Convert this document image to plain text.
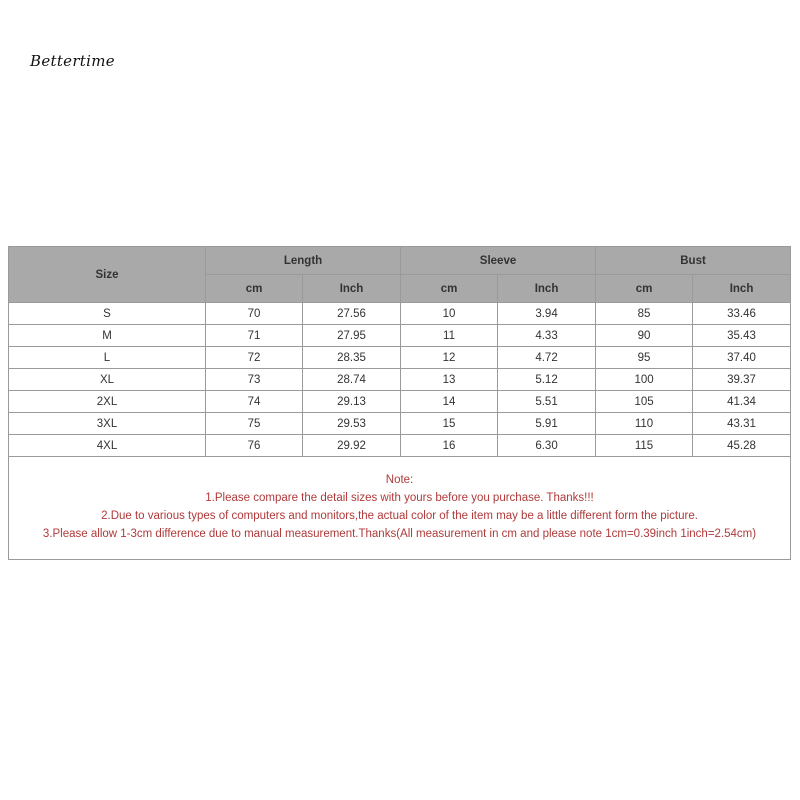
Bettertime
Size	Length		Sleeve		Bust	
	cm	Inch	cm	Inch	cm	Inch
S	70	27.56	10	3.94	85	33.46
M	71	27.95	11	4.33	90	35.43
L	72	28.35	12	4.72	95	37.40
XL	73	28.74	13	5.12	100	39.37
2XL	74	29.13	14	5.51	105	41.34
3XL	75	29.53	15	5.91	110	43.31
4XL	76	29.92	16	6.30	115	45.28

Note:
1.Please compare the detail sizes with yours before you purchase. Thanks!!!
2.Due to various types of computers and monitors,the actual color of the item may be a little different form the picture.
3.Please allow 1-3cm difference due to manual measurement.Thanks(All measurement in cm and please note 1cm=0.39inch 1inch=2.54cm)						
